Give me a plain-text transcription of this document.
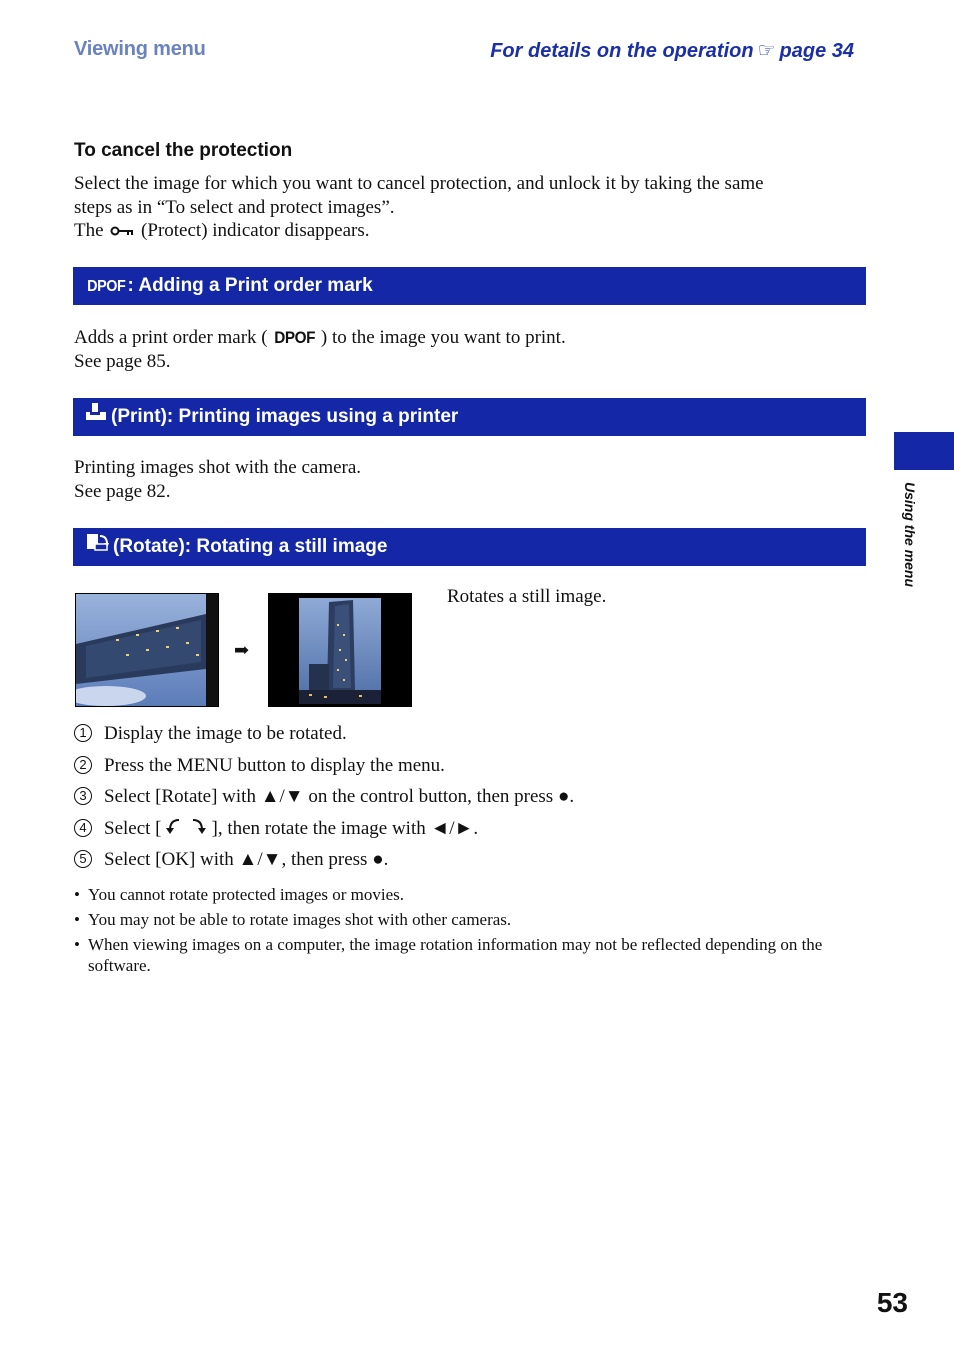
Viewing menu	For details on the operation ☞ page 34
To cancel the protection
Select the image for which you want to cancel protection, and unlock it by taking the same
steps as in “To select and protect images”.
The (Protect) indicator disappears.
DPOF : Adding a Print order mark
Adds a print order mark ( DPOF ) to the image you want to print.
See page 85.
(Print): Printing images using a printer
Printing images shot with the camera.
See page 82.
(Rotate): Rotating a still image
➡
Rotates a still image.
1 Display the image to be rotated.
2 Press the MENU button to display the menu.
3 Select [Rotate] with ▲/▼ on the control button, then press ●.
4 Select [	], then rotate the image with ◄/►.
5 Select [OK] with ▲/▼, then press ●.
• You cannot rotate protected images or movies.
• You may not be able to rotate images shot with other cameras.
• When viewing images on a computer, the image rotation information may not be reflected depending on the software.
Using the menu
53
